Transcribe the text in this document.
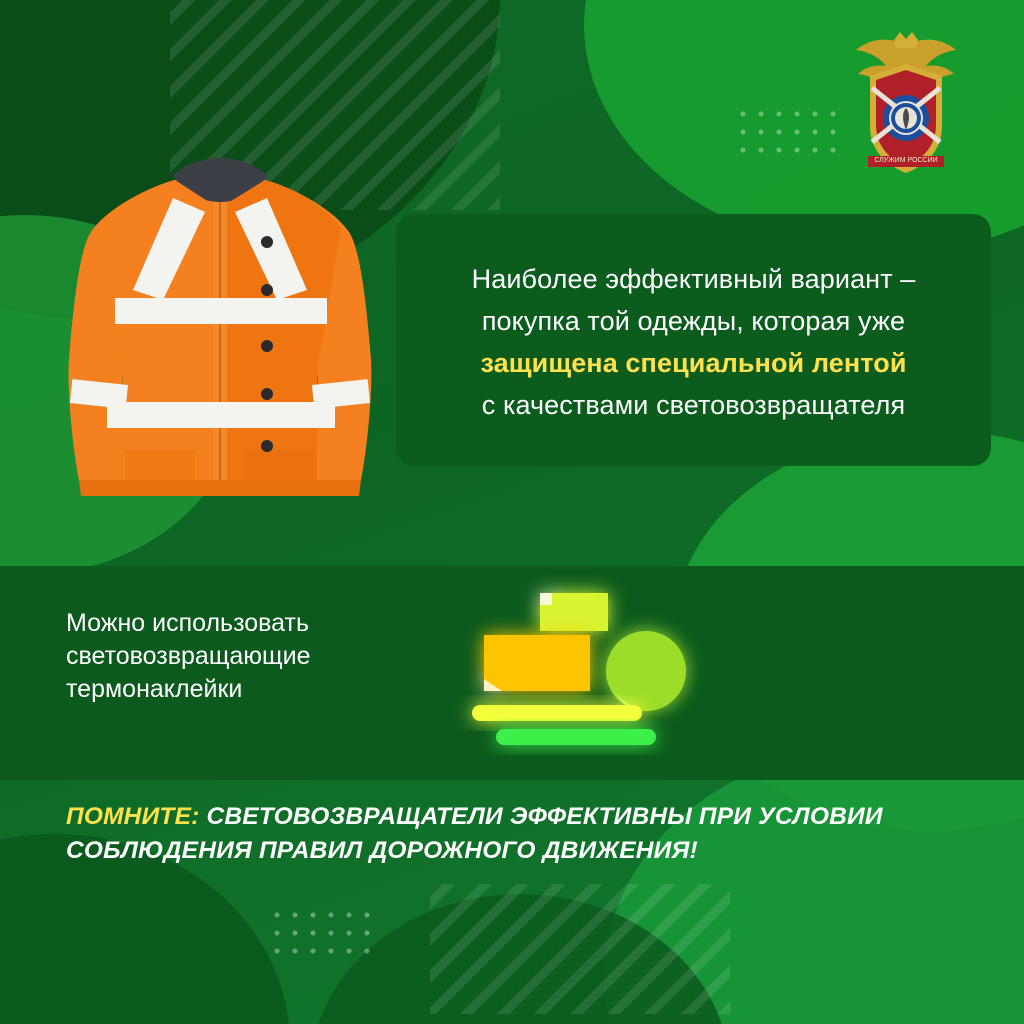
СЛУЖИМ РОССИИ
Наиболее эффективный вариант –
покупка той одежды, которая уже
защищена специальной лентой
с качествами световозвращателя
Можно использовать световозвращающие термонаклейки
ПОМНИТЕ: СВЕТОВОЗВРАЩАТЕЛИ ЭФФЕКТИВНЫ ПРИ УСЛОВИИ СОБЛЮДЕНИЯ ПРАВИЛ ДОРОЖНОГО ДВИЖЕНИЯ!
